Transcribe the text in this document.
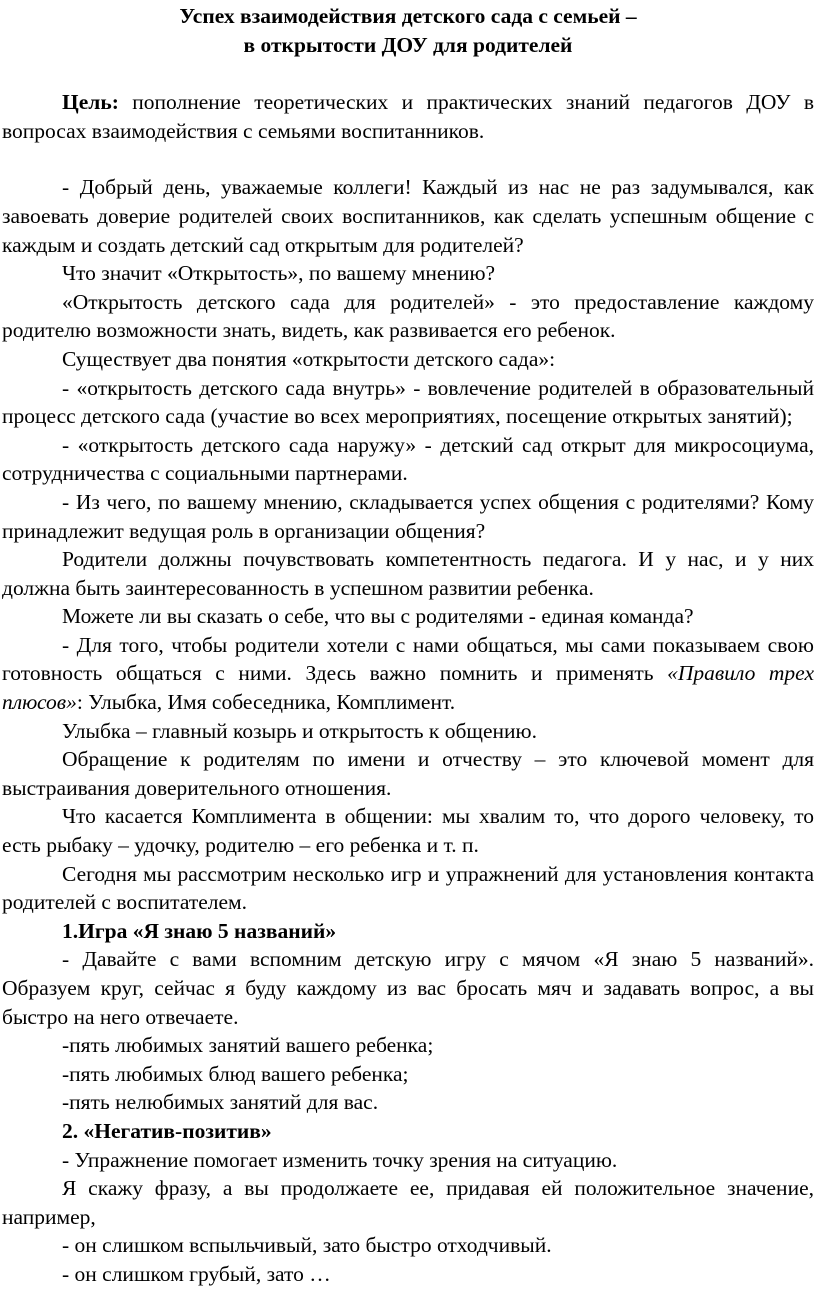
Успех взаимодействия детского сада с семьей –

в открытости ДОУ для родителей

Цель: пополнение теоретических и практических знаний педагогов ДОУ в вопросах взаимодействия с семьями воспитанников.

- Добрый день, уважаемые коллеги! Каждый из нас не раз задумывался, как завоевать доверие родителей своих воспитанников, как сделать успешным общение с каждым и создать детский сад открытым для родителей?

Что значит «Открытость», по вашему мнению?

«Открытость детского сада для родителей» - это предоставление каждому родителю возможности знать, видеть, как развивается его ребенок.

Существует два понятия «открытости детского сада»:

- «открытость детского сада внутрь» - вовлечение родителей в образовательный процесс детского сада (участие во всех мероприятиях, посещение открытых занятий);

- «открытость детского сада наружу» - детский сад открыт для микросоциума, сотрудничества с социальными партнерами.

- Из чего, по вашему мнению, складывается успех общения с родителями? Кому принадлежит ведущая роль в организации общения?

Родители должны почувствовать компетентность педагога. И у нас, и у них должна быть заинтересованность в успешном развитии ребенка.

Можете ли вы сказать о себе, что вы с родителями - единая команда?

- Для того, чтобы родители хотели с нами общаться, мы сами показываем свою готовность общаться с ними. Здесь важно помнить и применять «Правило трех плюсов»: Улыбка, Имя собеседника, Комплимент.

Улыбка – главный козырь и открытость к общению.

Обращение к родителям по имени и отчеству – это ключевой момент для выстраивания доверительного отношения.

Что касается Комплимента в общении: мы хвалим то, что дорого человеку, то есть рыбаку – удочку, родителю – его ребенка и т. п.

Сегодня мы рассмотрим несколько игр и упражнений для установления контакта родителей с воспитателем.

1.Игра «Я знаю 5 названий»

- Давайте с вами вспомним детскую игру с мячом «Я знаю 5 названий». Образуем круг, сейчас я буду каждому из вас бросать мяч и задавать вопрос, а вы быстро на него отвечаете.

-пять любимых занятий вашего ребенка;

-пять любимых блюд вашего ребенка;

-пять нелюбимых занятий для вас.

2. «Негатив-позитив»

- Упражнение помогает изменить точку зрения на ситуацию.

Я скажу фразу, а вы продолжаете ее, придавая ей положительное значение, например,

- он слишком вспыльчивый, зато быстро отходчивый.

- он слишком грубый, зато …
